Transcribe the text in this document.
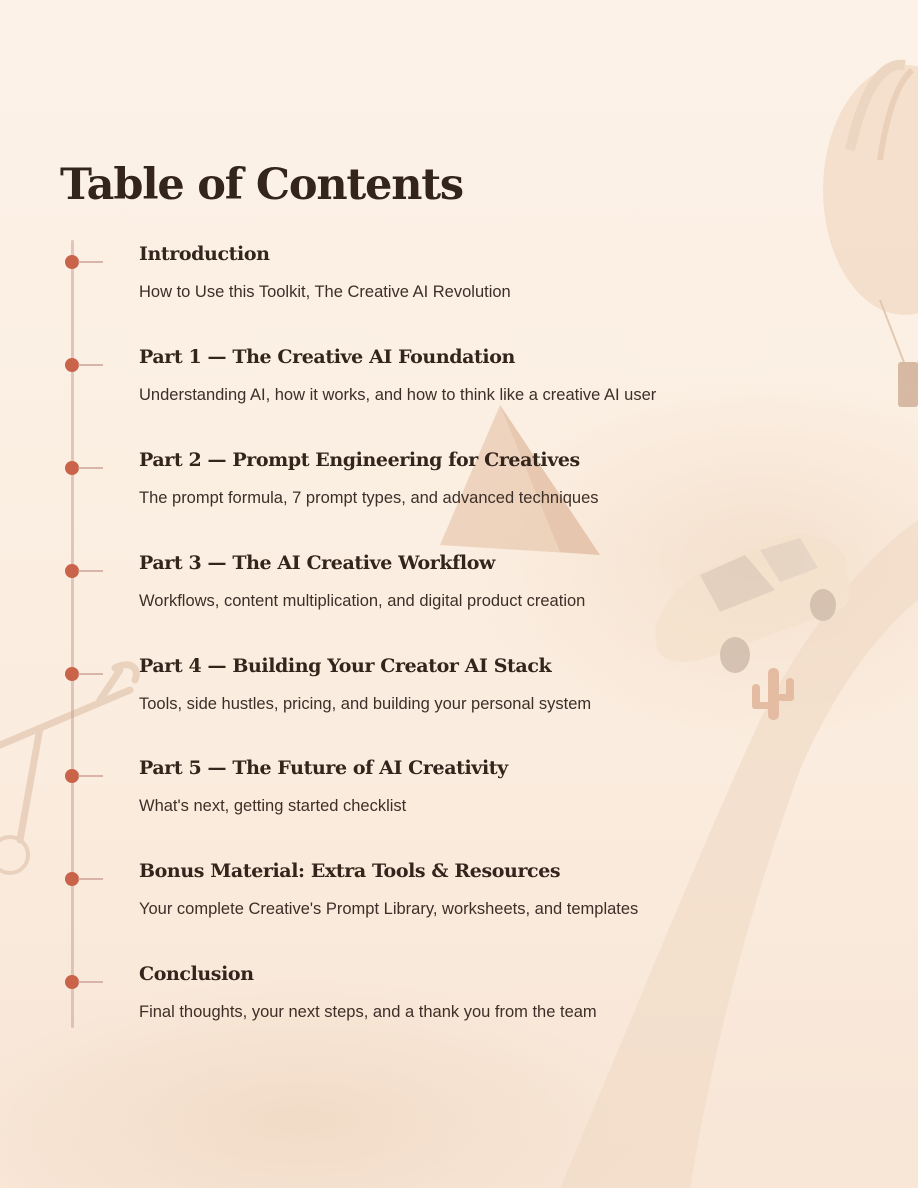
Table of Contents
Introduction
How to Use this Toolkit, The Creative AI Revolution
Part 1 — The Creative AI Foundation
Understanding AI, how it works, and how to think like a creative AI user
Part 2 — Prompt Engineering for Creatives
The prompt formula, 7 prompt types, and advanced techniques
Part 3 — The AI Creative Workflow
Workflows, content multiplication, and digital product creation
Part 4 — Building Your Creator AI Stack
Tools, side hustles, pricing, and building your personal system
Part 5 — The Future of AI Creativity
What's next, getting started checklist
Bonus Material: Extra Tools & Resources
Your complete Creative's Prompt Library, worksheets, and templates
Conclusion
Final thoughts, your next steps, and a thank you from the team
